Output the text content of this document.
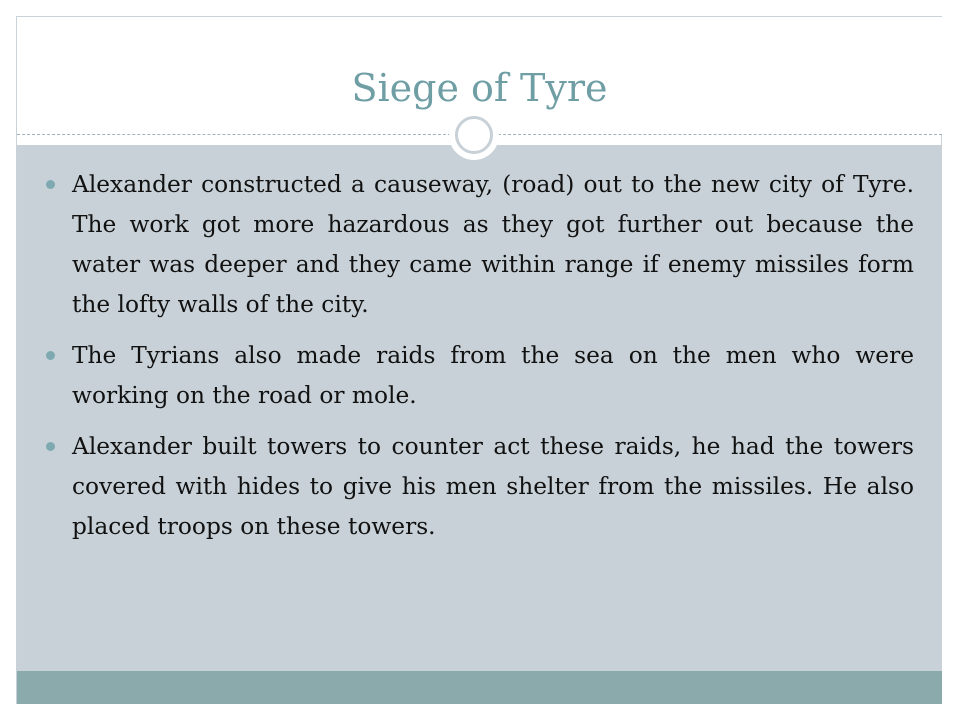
Siege of Tyre
Alexander constructed a causeway, (road) out to the new city of Tyre. The work got more hazardous as they got further out because the water was deeper and they came within range if enemy missiles form the lofty walls of the city.
The Tyrians also made raids from the sea on the men who were working on the road or mole.
Alexander built towers to counter act these raids, he had the towers covered with hides to give his men shelter from the missiles. He also placed troops on these towers.
